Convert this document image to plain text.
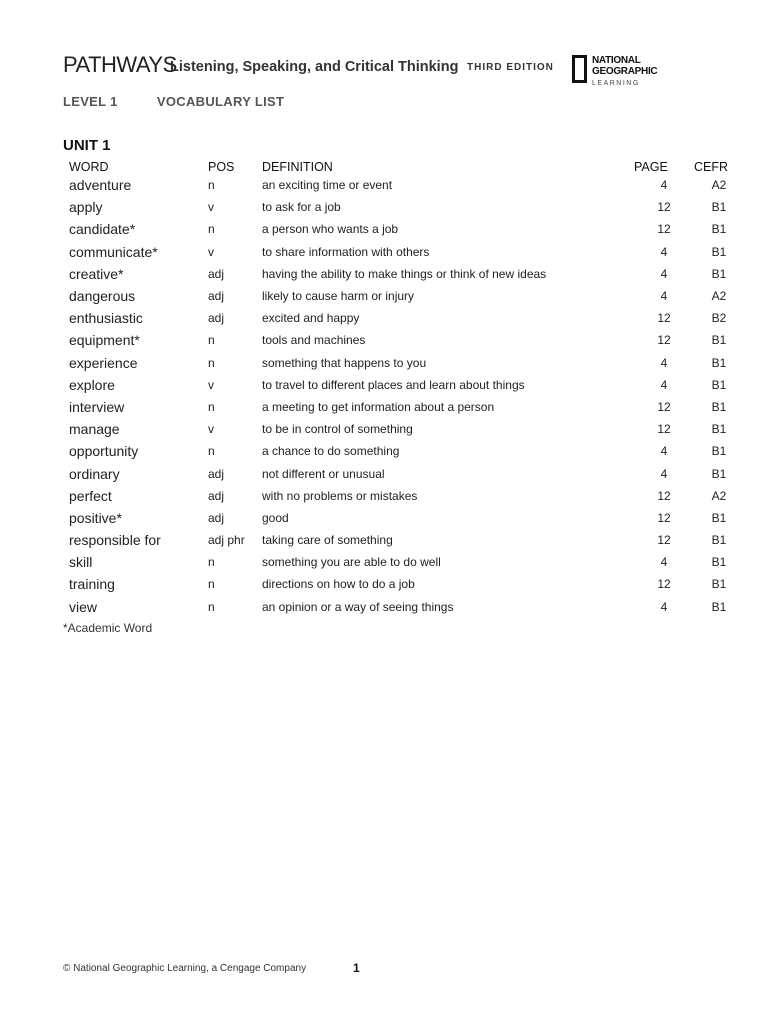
PATHWAYS
Listening, Speaking, and Critical Thinking THIRD EDITION
NATIONAL
GEOGRAPHIC
LEARNING
LEVEL 1	VOCABULARY LIST
UNIT 1
WORD	POS	DEFINITION	PAGE	CEFR
adventure	n	an exciting time or event	4	A2
apply	v	to ask for a job	12	B1
candidate*	n	a person who wants a job	12	B1
communicate*	v	to share information with others	4	B1
creative*	adj	having the ability to make things or think of new ideas	4	B1
dangerous	adj	likely to cause harm or injury	4	A2
enthusiastic	adj	excited and happy	12	B2
equipment*	n	tools and machines	12	B1
experience	n	something that happens to you	4	B1
explore	v	to travel to different places and learn about things	4	B1
interview	n	a meeting to get information about a person	12	B1
manage	v	to be in control of something	12	B1
opportunity	n	a chance to do something	4	B1
ordinary	adj	not different or unusual	4	B1
perfect	adj	with no problems or mistakes	12	A2
positive*	adj	good	12	B1
responsible for	adj phr	taking care of something	12	B1
skill	n	something you are able to do well	4	B1
training	n	directions on how to do a job	12	B1
view	n	an opinion or a way of seeing things	4	B1
*Academic Word
© National Geographic Learning, a Cengage Company	1
